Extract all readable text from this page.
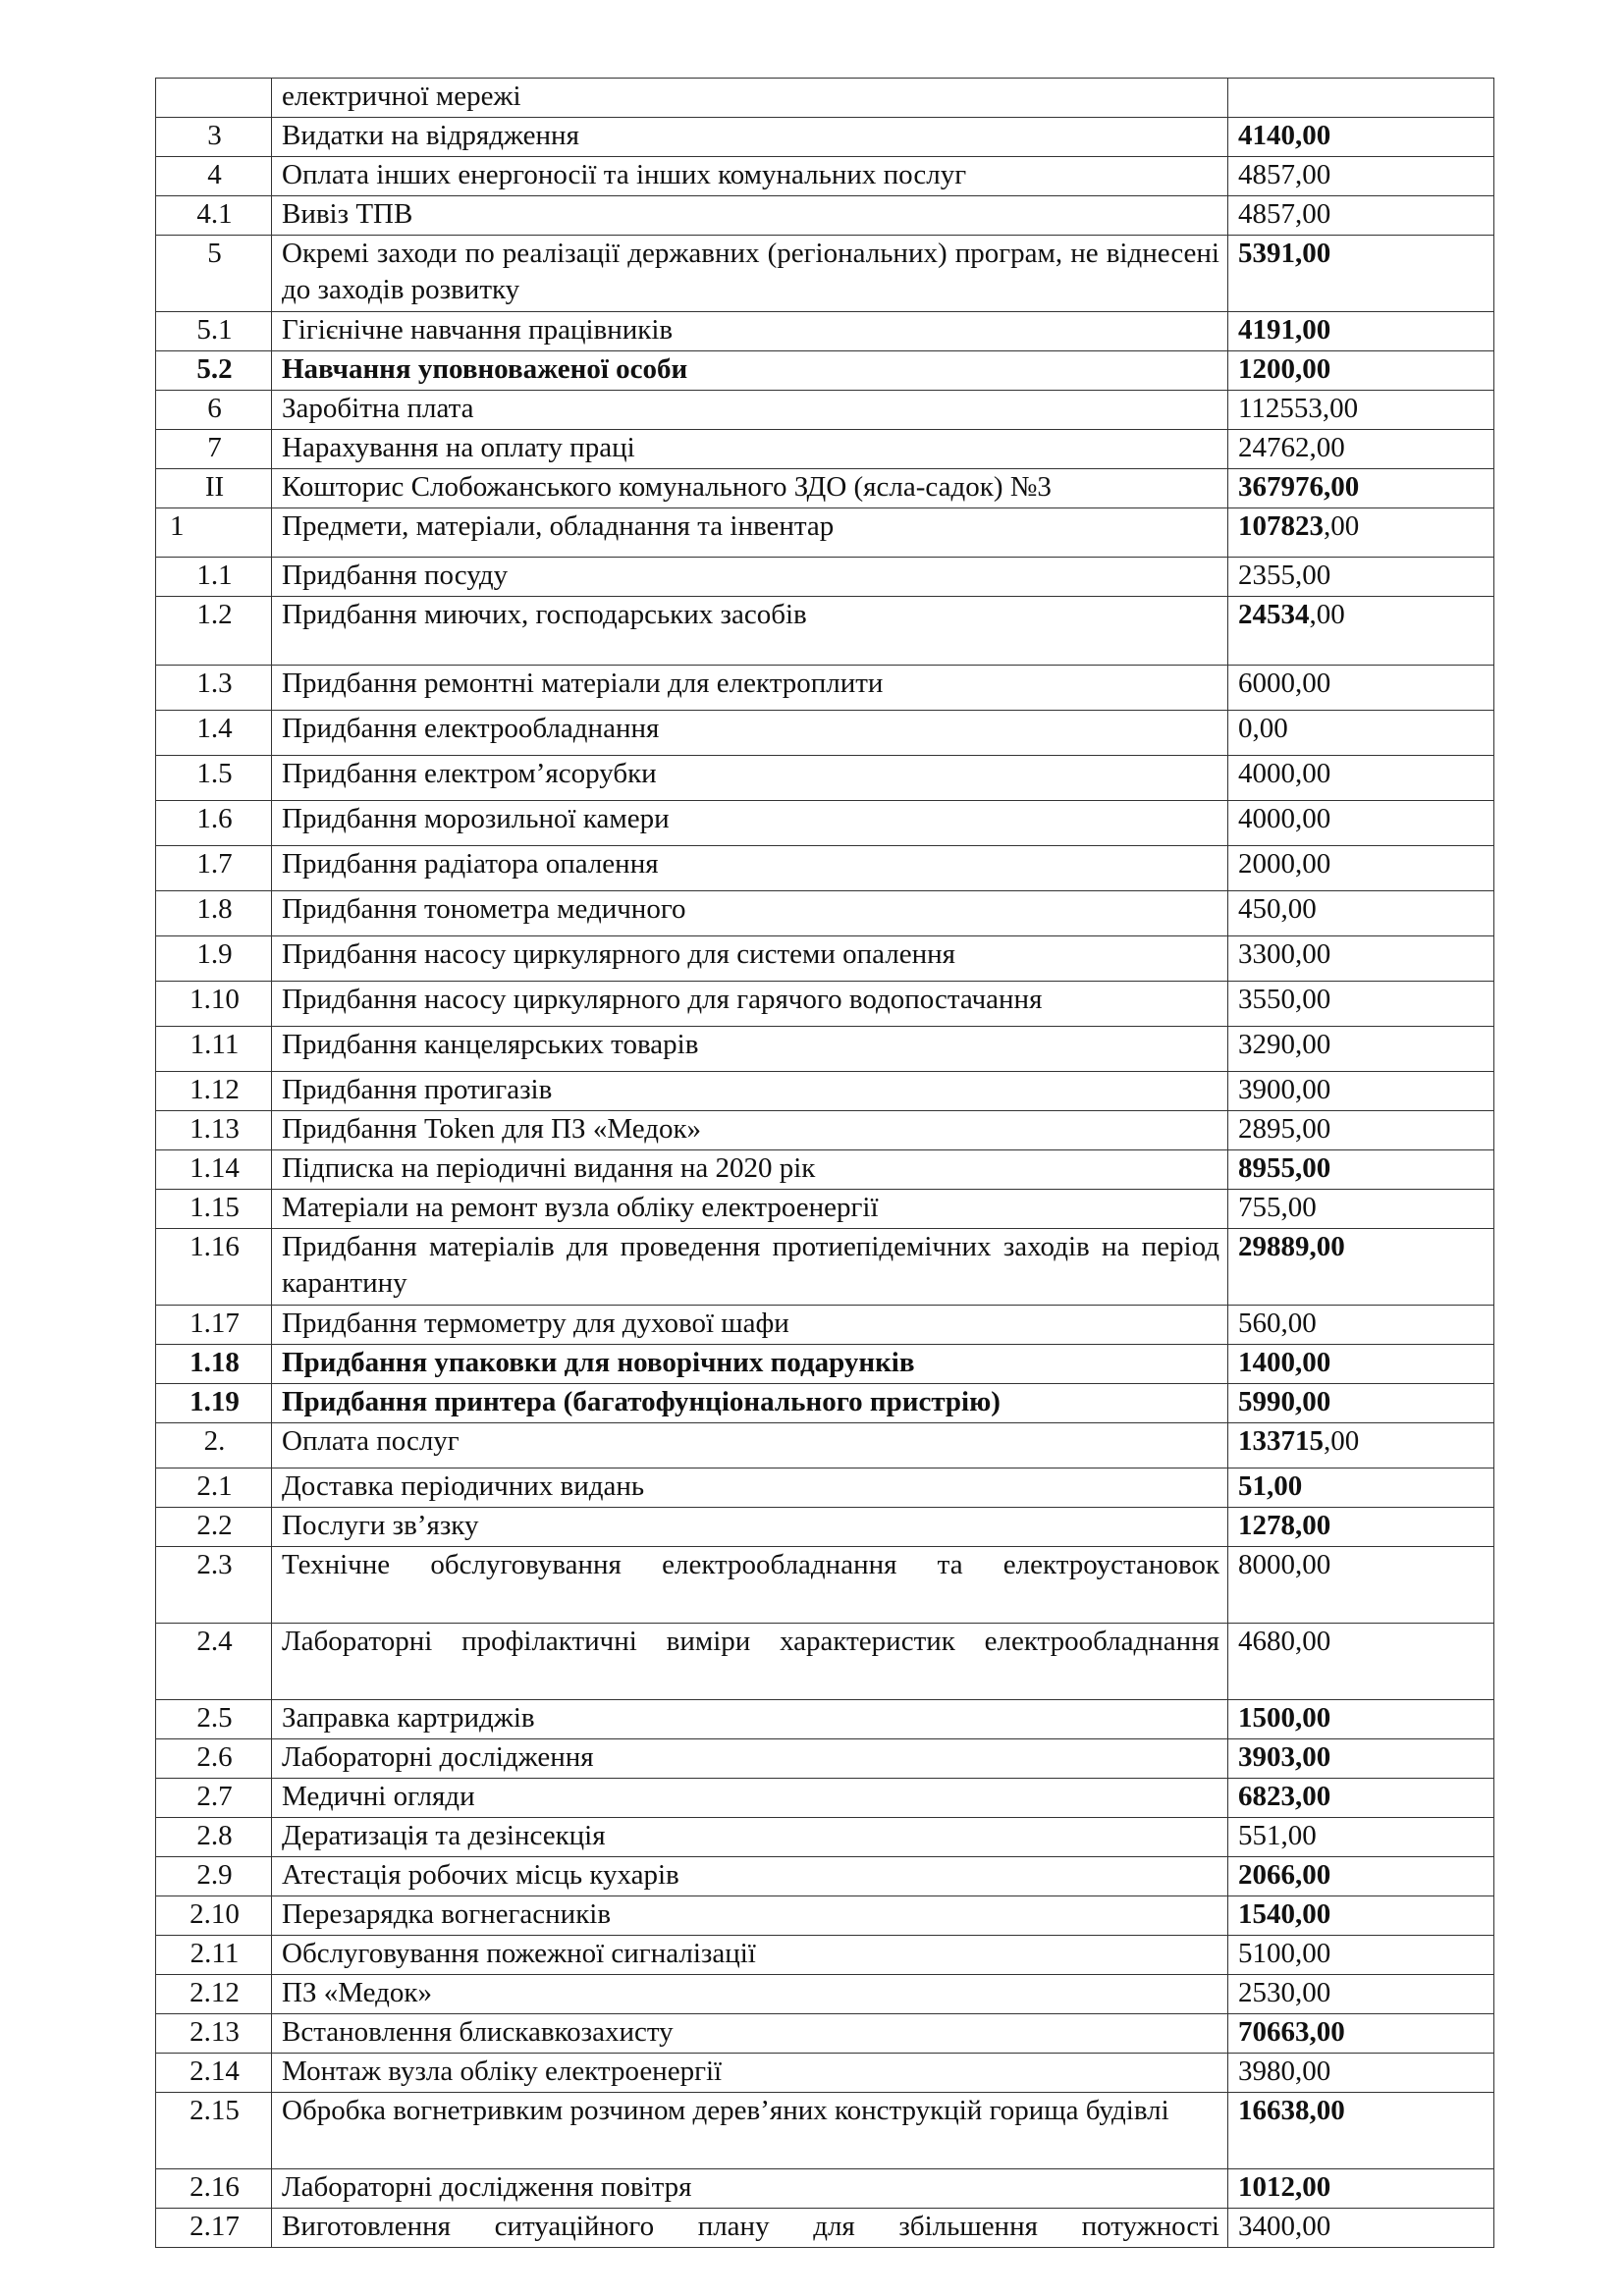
	електричної мережі	
3	Видатки на відрядження	4140,00
4	Оплата інших енергоносії та інших комунальних послуг	4857,00
4.1	Вивіз ТПВ	4857,00
5	Окремі заходи по реалізації державних (регіональних) програм, не віднесені до заходів розвитку	5391,00
5.1	Гігієнічне навчання працівників	4191,00
5.2	Навчання уповноваженої особи	1200,00
6	Заробітна плата	112553,00
7	Нарахування на оплату праці	24762,00
II	Кошторис Слобожанського комунального ЗДО (ясла-садок) №3	367976,00
1	Предмети, матеріали, обладнання та інвентар	107823,00
1.1	Придбання посуду	2355,00
1.2	Придбання миючих, господарських засобів	24534,00
1.3	Придбання ремонтні матеріали для електроплити	6000,00
1.4	Придбання електрообладнання	0,00
1.5	Придбання електром’ясорубки	4000,00
1.6	Придбання морозильної камери	4000,00
1.7	Придбання радіатора опалення	2000,00
1.8	Придбання тонометра медичного	450,00
1.9	Придбання насосу циркулярного для системи опалення	3300,00
1.10	Придбання насосу циркулярного для гарячого водопостачання	3550,00
1.11	Придбання канцелярських товарів	3290,00
1.12	Придбання протигазів	3900,00
1.13	Придбання Token для ПЗ «Медок»	2895,00
1.14	Підписка на періодичні видання на 2020 рік	8955,00
1.15	Матеріали на ремонт вузла обліку електроенергії	755,00
1.16	Придбання матеріалів для проведення протиепідемічних заходів на період карантину	29889,00
1.17	Придбання термометру для духової шафи	560,00
1.18	Придбання упаковки для новорічних подарунків	1400,00
1.19	Придбання принтера (багатофунціонального пристрію)	5990,00
2.	Оплата послуг	133715,00
2.1	Доставка періодичних видань	51,00
2.2	Послуги зв’язку	1278,00
2.3	Технічне обслуговування електрообладнання та електроустановок	8000,00
2.4	Лабораторні профілактичні виміри характеристик електрообладнання	4680,00
2.5	Заправка картриджів	1500,00
2.6	Лабораторні дослідження	3903,00
2.7	Медичні огляди	6823,00
2.8	Дератизація та дезінсекція	551,00
2.9	Атестація робочих місць кухарів	2066,00
2.10	Перезарядка вогнегасників	1540,00
2.11	Обслуговування пожежної сигналізації	5100,00
2.12	ПЗ «Медок»	2530,00
2.13	Встановлення блискавкозахисту	70663,00
2.14	Монтаж вузла обліку електроенергії	3980,00
2.15	Обробка вогнетривким розчином дерев’яних конструкцій горища будівлі	16638,00
2.16	Лабораторні дослідження повітря	1012,00
2.17	Виготовлення ситуаційного плану для збільшення потужності	3400,00
